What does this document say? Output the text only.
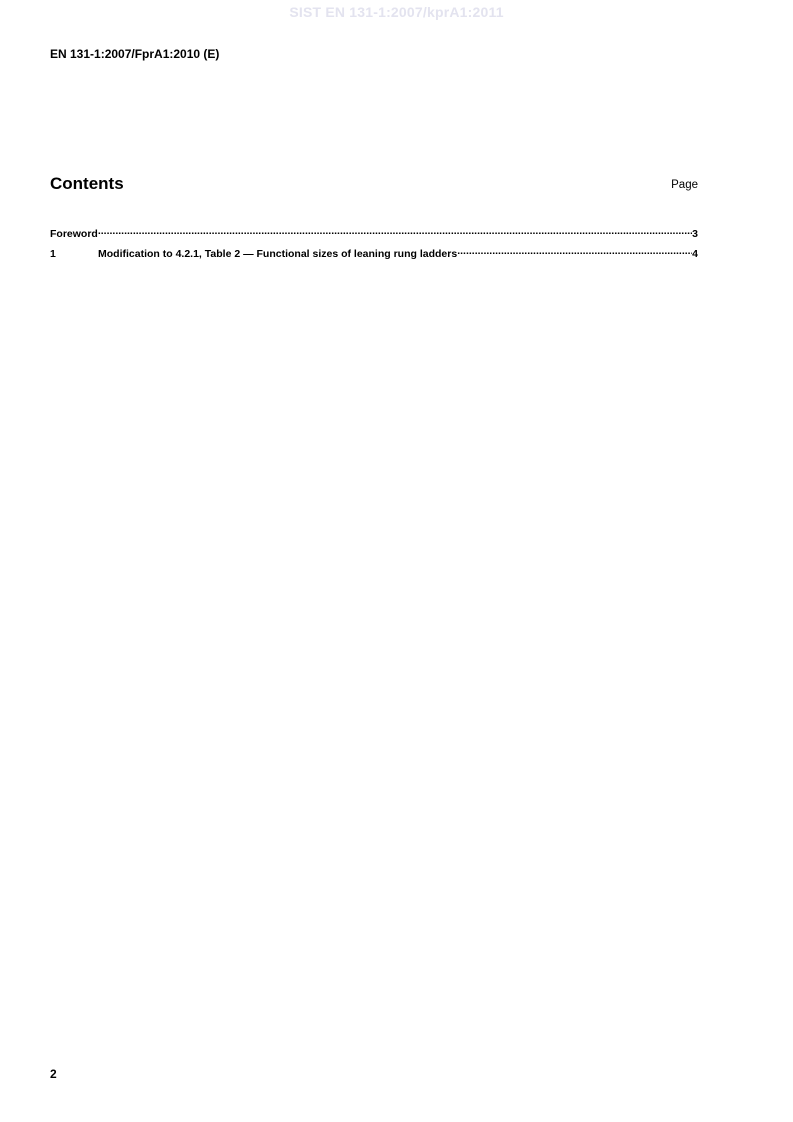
SIST EN 131-1:2007/kprA1:2011
EN 131-1:2007/FprA1:2010 (E)
Contents	Page
Foreword .....	3
1	Modification to 4.2.1, Table 2 — Functional sizes of leaning rung ladders .....	4
2
